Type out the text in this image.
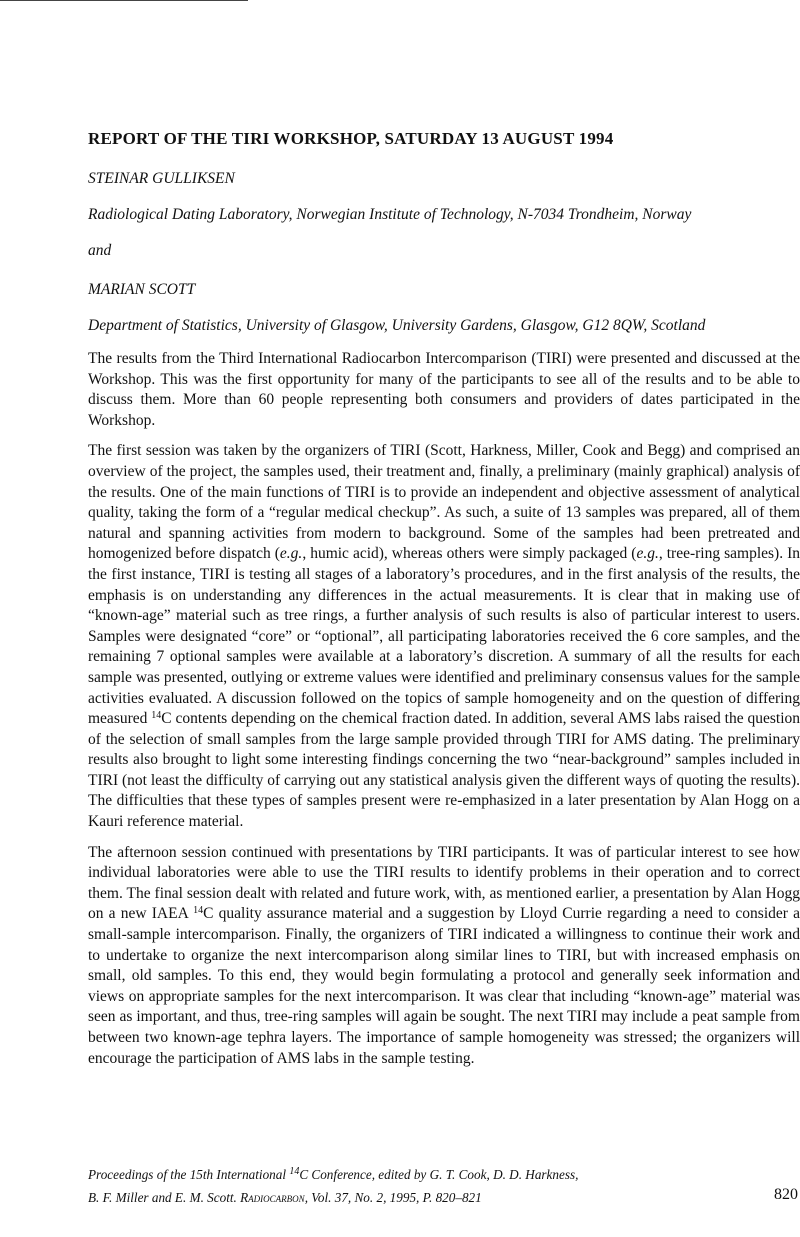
REPORT OF THE TIRI WORKSHOP, SATURDAY 13 AUGUST 1994
STEINAR GULLIKSEN
Radiological Dating Laboratory, Norwegian Institute of Technology, N-7034 Trondheim, Norway
and
MARIAN SCOTT
Department of Statistics, University of Glasgow, University Gardens, Glasgow, G12 8QW, Scotland

The results from the Third International Radiocarbon Intercomparison (TIRI) were presented and discussed at the Workshop. This was the first opportunity for many of the participants to see all of the results and to be able to discuss them. More than 60 people representing both consumers and providers of dates participated in the Workshop.

The first session was taken by the organizers of TIRI (Scott, Harkness, Miller, Cook and Begg) and comprised an overview of the project, the samples used, their treatment and, finally, a preliminary (mainly graphical) analysis of the results. One of the main functions of TIRI is to provide an independent and objective assessment of analytical quality, taking the form of a “regular medical checkup”. As such, a suite of 13 samples was prepared, all of them natural and spanning activities from modern to background. Some of the samples had been pretreated and homogenized before dispatch (e.g., humic acid), whereas others were simply packaged (e.g., tree-ring samples). In the first instance, TIRI is testing all stages of a laboratory’s procedures, and in the first analysis of the results, the emphasis is on understanding any differences in the actual measurements. It is clear that in making use of “known-age” material such as tree rings, a further analysis of such results is also of particular interest to users. Samples were designated “core” or “optional”, all participating laboratories received the 6 core samples, and the remaining 7 optional samples were available at a laboratory’s discretion. A summary of all the results for each sample was presented, outlying or extreme values were identified and preliminary consensus values for the sample activities evaluated. A discussion followed on the topics of sample homogeneity and on the question of differing measured $^{14}$C contents depending on the chemical fraction dated. In addition, several AMS labs raised the question of the selection of small samples from the large sample provided through TIRI for AMS dating. The preliminary results also brought to light some interesting findings concerning the two “near-background” samples included in TIRI (not least the difficulty of carrying out any statistical analysis given the different ways of quoting the results). The difficulties that these types of samples present were re-emphasized in a later presentation by Alan Hogg on a Kauri reference material.

The afternoon session continued with presentations by TIRI participants. It was of particular interest to see how individual laboratories were able to use the TIRI results to identify problems in their operation and to correct them. The final session dealt with related and future work, with, as mentioned earlier, a presentation by Alan Hogg on a new IAEA $^{14}$C quality assurance material and a suggestion by Lloyd Currie regarding a need to consider a small-sample intercomparison. Finally, the organizers of TIRI indicated a willingness to continue their work and to undertake to organize the next intercomparison along similar lines to TIRI, but with increased emphasis on small, old samples. To this end, they would begin formulating a protocol and generally seek information and views on appropriate samples for the next intercomparison. It was clear that including “known-age” material was seen as important, and thus, tree-ring samples will again be sought. The next TIRI may include a peat sample from between two known-age tephra layers. The importance of sample homogeneity was stressed; the organizers will encourage the participation of AMS labs in the sample testing.

Proceedings of the 15th International $^{14}$C Conference, edited by G. T. Cook, D. D. Harkness,
B. F. Miller and E. M. Scott. Radiocarbon, Vol. 37, No. 2, 1995, P. 820–821	820
